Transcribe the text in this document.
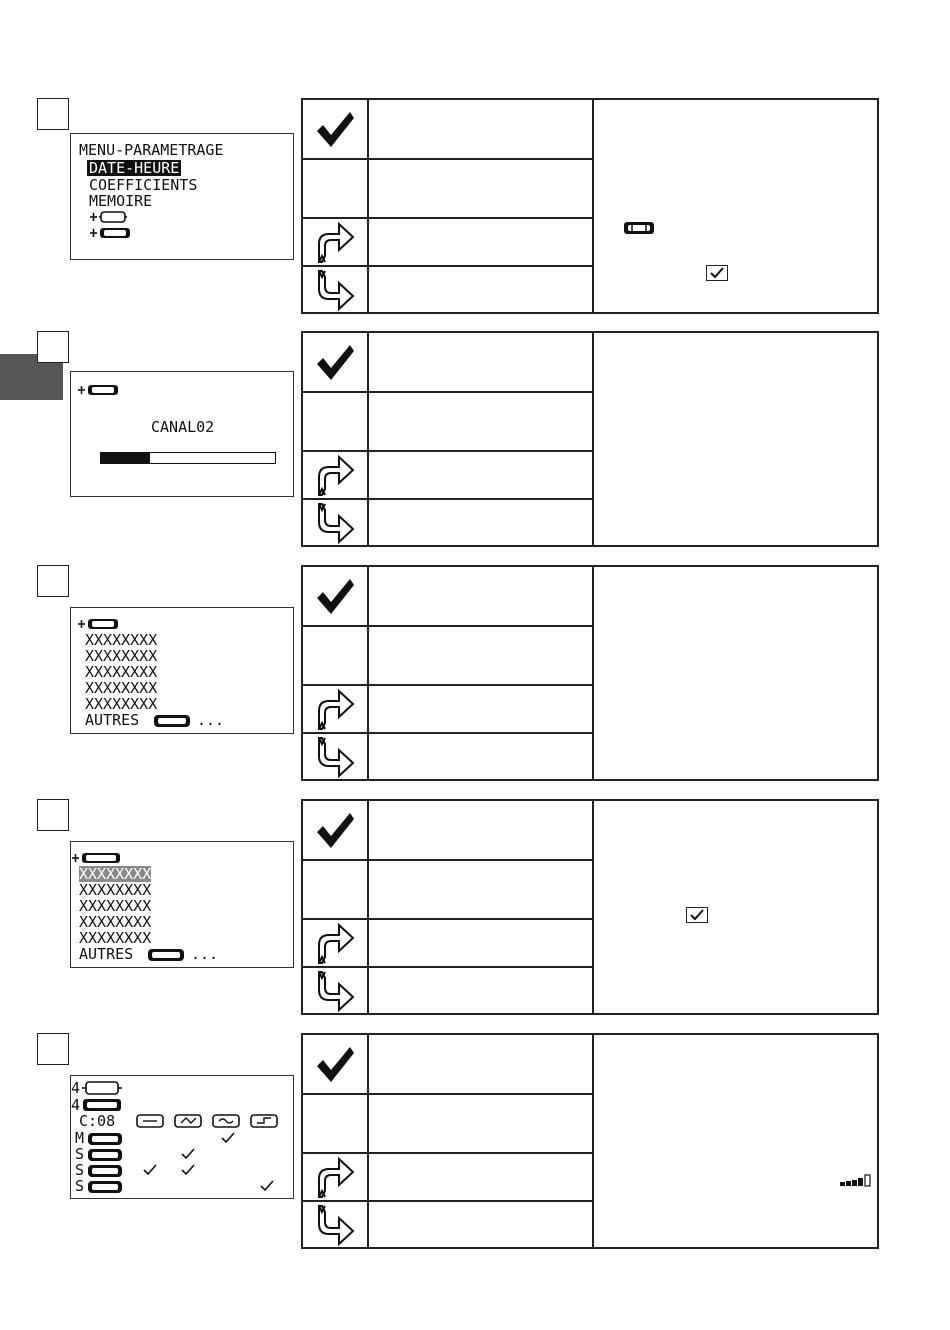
MENU-PARAMETRAGE
DATE-HEURE
COEFFICIENTS
MEMOIRE
CANAL02
XXXXXXXX
XXXXXXXX
XXXXXXXX
XXXXXXXX
XXXXXXXX
AUTRES	...
XXXXXXXX
XXXXXXXX
XXXXXXXX
XXXXXXXX
XXXXXXXX
AUTRES	...
4
4
C:08
M
S
S
S
